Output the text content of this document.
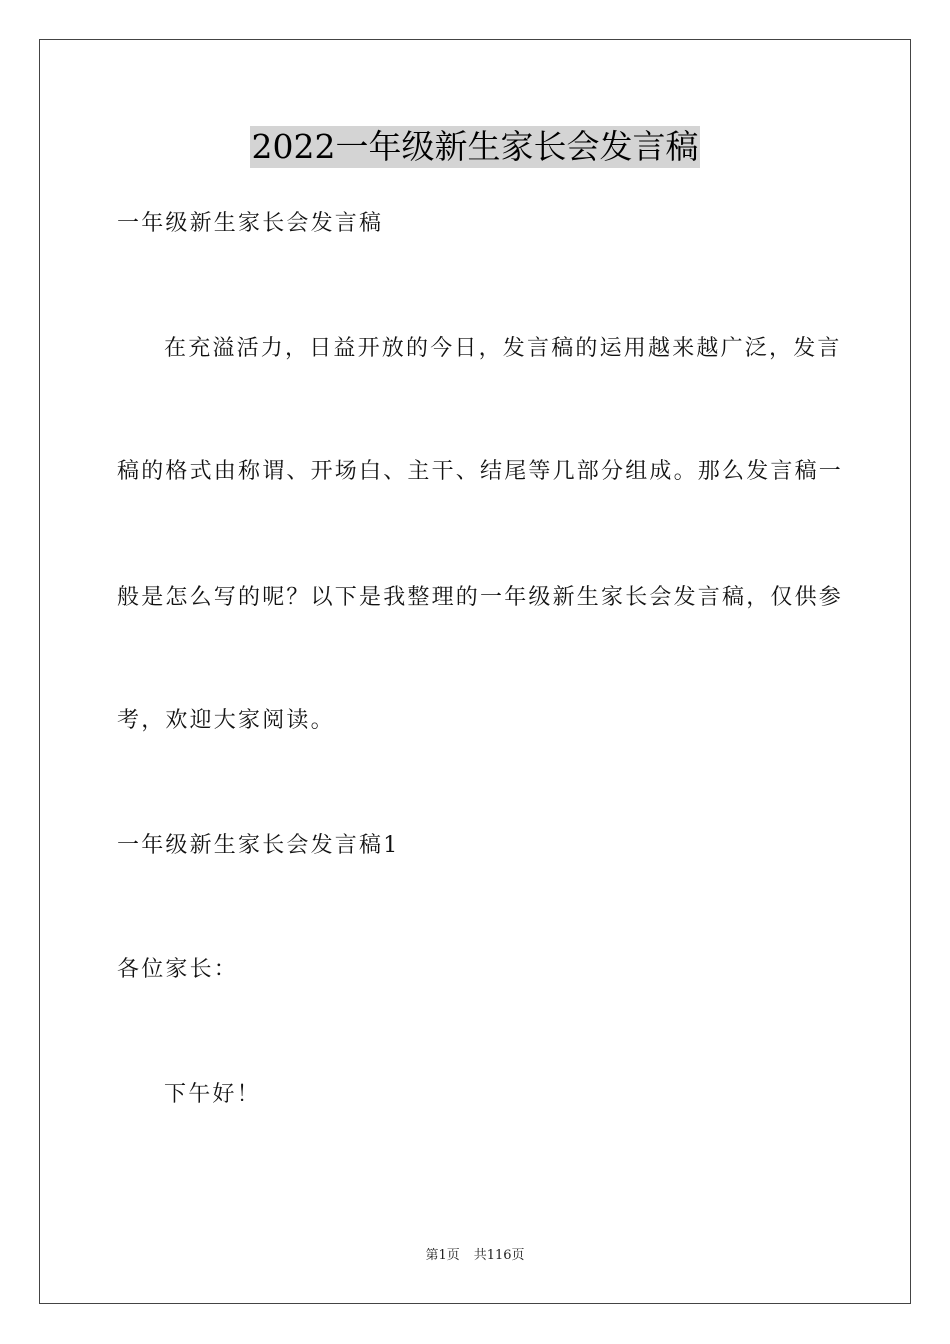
2022一年级新生家长会发言稿
一年级新生家长会发言稿
在充溢活力，日益开放的今日，发言稿的运用越来越广泛，发言
稿的格式由称谓、开场白、主干、结尾等几部分组成。那么发言稿一
般是怎么写的呢？以下是我整理的一年级新生家长会发言稿，仅供参
考，欢迎大家阅读。
一年级新生家长会发言稿1
各位家长：
下午好！
第1页 共116页
